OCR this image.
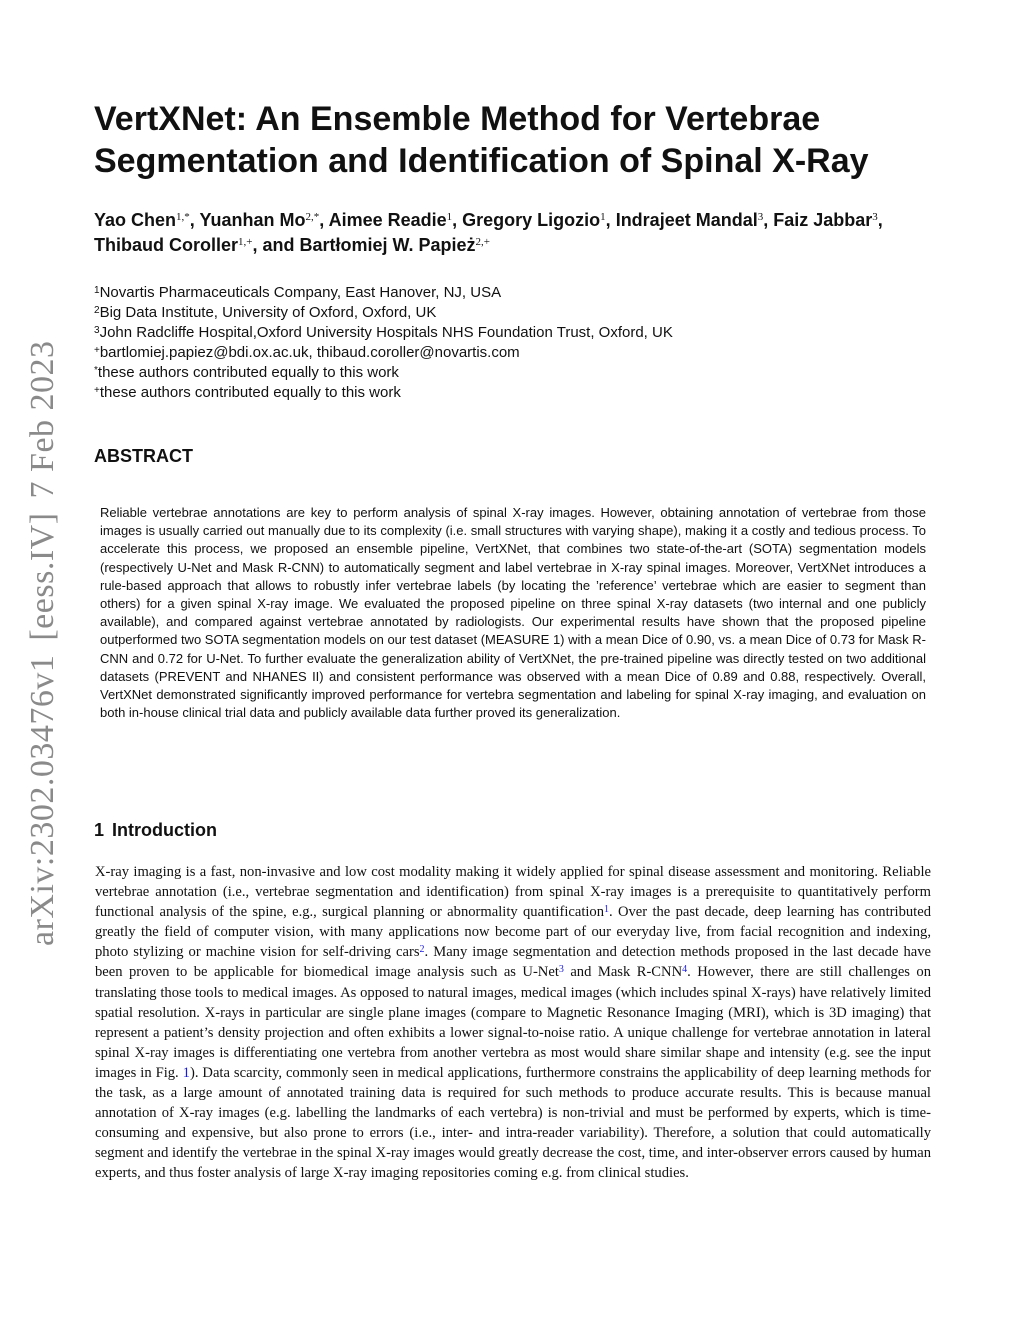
arXiv:2302.03476v1[eess.IV]7 Feb 2023
VertXNet: An Ensemble Method for Vertebrae Segmentation and Identification of Spinal X-Ray
Yao Chen$^{1,*}$, Yuanhan $Mo^{2,*}$, Aimee Readie$^1$, Gregory Ligozio$^1$, Indrajeet Mandal$^3$, Faiz Jabbar$^3$, Thibaud Coroller$^{1,+}$, and Bartłomiej W. Papież$^{2,+}$
$^1$Novartis Pharmaceuticals Company, East Hanover, NJ, USA
$^2$Big Data Institute, University of Oxford, Oxford, UK
$^3$John Radcliffe Hospital,Oxford University Hospitals NHS Foundation Trust, Oxford, UK
+bartlomiej.papiez@bdi.ox.ac.uk, thibaud.coroller@novartis.com
*these authors contributed equally to this work
+these authors contributed equally to this work
ABSTRACT

Reliable vertebrae annotations are key to perform analysis of spinal X-ray images. However, obtaining annotation of vertebrae from those images is usually carried out manually due to its complexity (i.e. small structures with varying shape), making it a costly and tedious process. To accelerate this process, we proposed an ensemble pipeline, VertXNet, that combines two state-of-the-art (SOTA) segmentation models (respectively U-Net and Mask R-CNN) to automatically segment and label vertebrae in X-ray spinal images. Moreover, VertXNet introduces a rule-based approach that allows to robustly infer vertebrae labels (by locating the ’reference’ vertebrae which are easier to segment than others) for a given spinal X-ray image. We evaluated the proposed pipeline on three spinal X-ray datasets (two internal and one publicly available), and compared against vertebrae annotated by radiologists. Our experimental results have shown that the proposed pipeline outperformed two SOTA segmentation models on our test dataset (MEASURE 1) with a mean Dice of 0.90, vs. a mean Dice of 0.73 for Mask R-CNN and 0.72 for U-Net. To further evaluate the generalization ability of VertXNet, the pre-trained pipeline was directly tested on two additional datasets (PREVENT and NHANES II) and consistent performance was observed with a mean Dice of 0.89 and 0.88, respectively. Overall, VertXNet demonstrated significantly improved performance for vertebra segmentation and labeling for spinal X-ray imaging, and evaluation on both in-house clinical trial data and publicly available data further proved its generalization.

1 Introduction

X-ray imaging is a fast, non-invasive and low cost modality making it widely applied for spinal disease assessment and monitoring. Reliable vertebrae annotation (i.e., vertebrae segmentation and identification) from spinal X-ray images is a prerequisite to quantitatively perform functional analysis of the spine, e.g., surgical planning or abnormality quantification$^1$. Over the past decade, deep learning has contributed greatly the field of computer vision, with many applications now become part of our everyday live, from facial recognition and indexing, photo stylizing or machine vision for self-driving cars$^2$. Many image segmentation and detection methods proposed in the last decade have been proven to be applicable for biomedical image analysis such as U-Net$^3$ and Mask R-CNN$^4$. However, there are still challenges on translating those tools to medical images. As opposed to natural images, medical images (which includes spinal X-rays) have relatively limited spatial resolution. X-rays in particular are single plane images (compare to Magnetic Resonance Imaging (MRI), which is 3D imaging) that represent a patient’s density projection and often exhibits a lower signal-to-noise ratio. A unique challenge for vertebrae annotation in lateral spinal X-ray images is differentiating one vertebra from another vertebra as most would share similar shape and intensity (e.g. see the input images in Fig. 1). Data scarcity, commonly seen in medical applications, furthermore constrains the applicability of deep learning methods for the task, as a large amount of annotated training data is required for such methods to produce accurate results. This is because manual annotation of X-ray images (e.g. labelling the landmarks of each vertebra) is non-trivial and must be performed by experts, which is time-consuming and expensive, but also prone to errors (i.e., inter- and intra-reader variability). Therefore, a solution that could automatically segment and identify the vertebrae in the spinal X-ray images would greatly decrease the cost, time, and inter-observer errors caused by human experts, and thus foster analysis of large X-ray imaging repositories coming e.g. from clinical studies.
